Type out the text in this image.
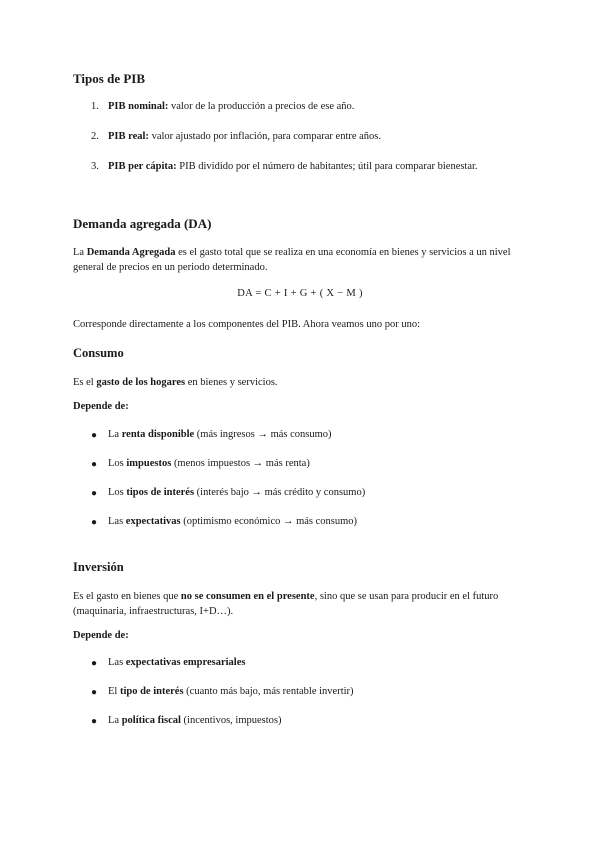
Tipos de PIB
1. PIB nominal: valor de la producción a precios de ese año.
2. PIB real: valor ajustado por inflación, para comparar entre años.
3. PIB per cápita: PIB dividido por el número de habitantes; útil para comparar bienestar.
Demanda agregada (DA)

La Demanda Agregada es el gasto total que se realiza en una economía en bienes y servicios a un nivel general de precios en un periodo determinado.

DA = C + I + G + ( X − M )

Corresponde directamente a los componentes del PIB. Ahora veamos uno por uno:

Consumo

Es el gasto de los hogares en bienes y servicios.

Depende de:

● La renta disponible (más ingresos → más consumo)
● Los impuestos (menos impuestos → más renta)
● Los tipos de interés (interés bajo → más crédito y consumo)
● Las expectativas (optimismo económico → más consumo)
Inversión

Es el gasto en bienes que no se consumen en el presente, sino que se usan para producir en el futuro (maquinaria, infraestructuras, I+D…).

Depende de:

● Las expectativas empresariales
● El tipo de interés (cuanto más bajo, más rentable invertir)
● La política fiscal (incentivos, impuestos)
